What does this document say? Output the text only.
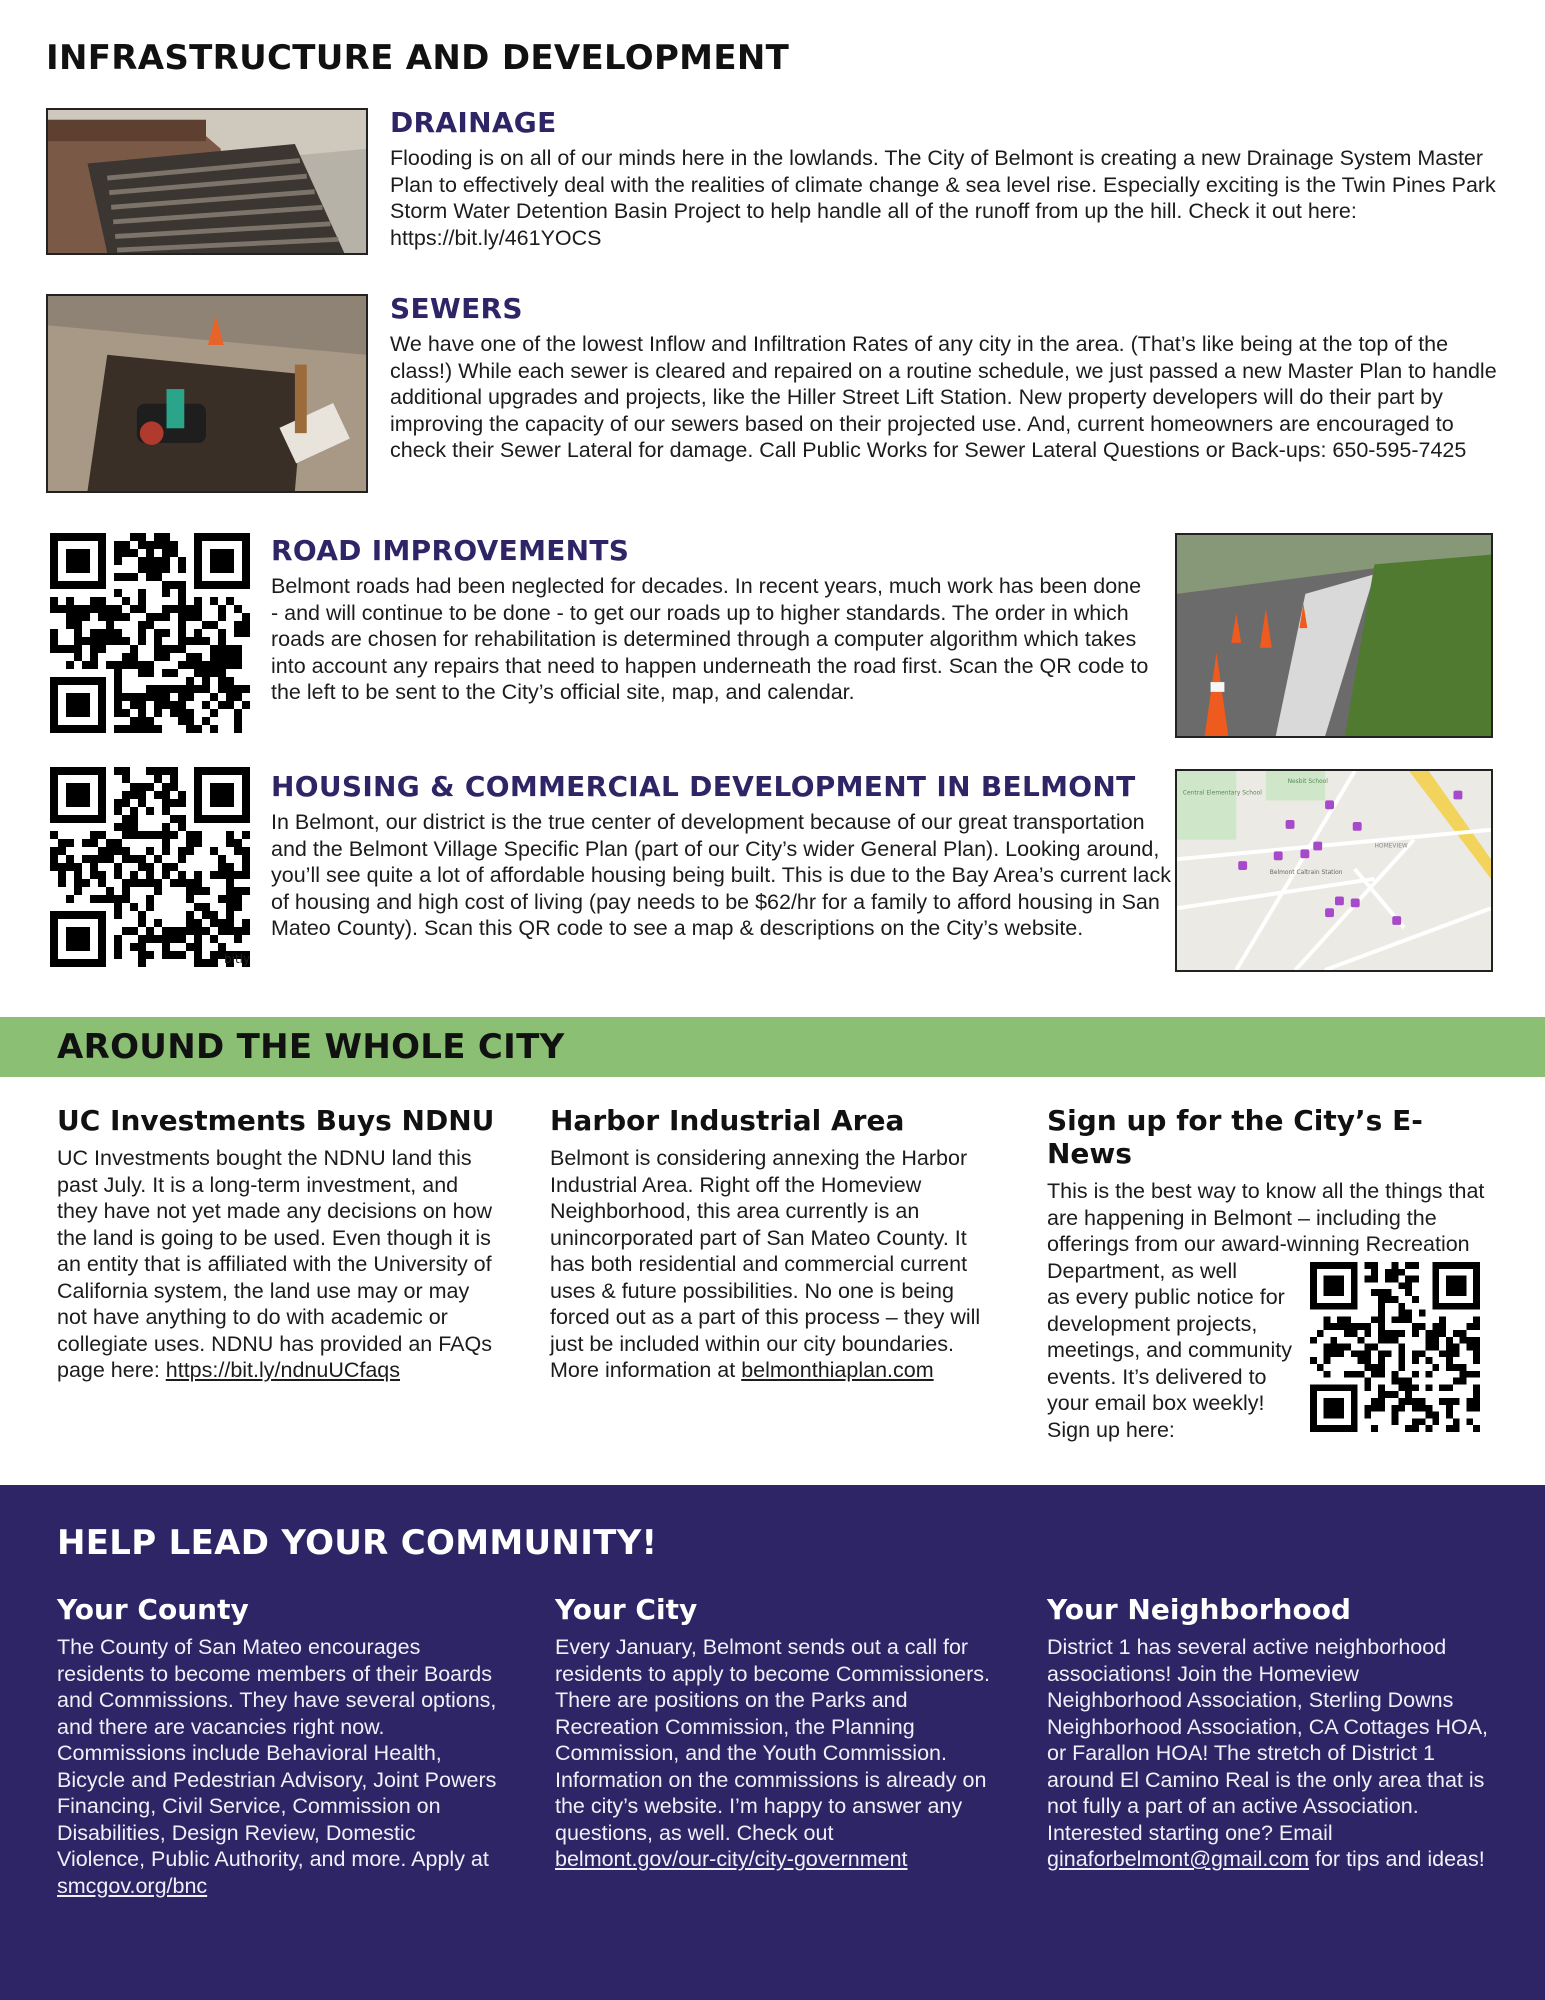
INFRASTRUCTURE AND DEVELOPMENT
DRAINAGE
Flooding is on all of our minds here in the lowlands. The City of Belmont is creating a new Drainage System Master Plan to effectively deal with the realities of climate change & sea level rise. Especially exciting is the Twin Pines Park Storm Water Detention Basin Project to help handle all of the runoff from up the hill. Check it out here: https://bit.ly/461YOCS
SEWERS
We have one of the lowest Inflow and Infiltration Rates of any city in the area. (That’s like being at the top of the class!) While each sewer is cleared and repaired on a routine schedule, we just passed a new Master Plan to handle additional upgrades and projects, like the Hiller Street Lift Station. New property developers will do their part by improving the capacity of our sewers based on their projected use. And, current homeowners are encouraged to check their Sewer Lateral for damage. Call Public Works for Sewer Lateral Questions or Back-ups: 650-595-7425
ROAD IMPROVEMENTS
Belmont roads had been neglected for decades. In recent years, much work has been done - and will continue to be done - to get our roads up to higher standards. The order in which roads are chosen for rehabilitation is determined through a computer algorithm which takes into account any repairs that need to happen underneath the road first. Scan the QR code to the left to be sent to the City’s official site, map, and calendar.
bitly
HOUSING & COMMERCIAL DEVELOPMENT IN BELMONT
In Belmont, our district is the true center of development because of our great transportation and the Belmont Village Specific Plan (part of our City’s wider General Plan). Looking around, you’ll see quite a lot of affordable housing being built. This is due to the Bay Area’s current lack of housing and high cost of living (pay needs to be $62/hr for a family to afford housing in San Mateo County). Scan this QR code to see a map & descriptions on the City’s website.
Central Elementary School
Nesbit School
HOMEVIEW
Belmont Caltrain Station
AROUND THE WHOLE CITY
UC Investments Buys NDNU
UC Investments bought the NDNU land this past July. It is a long-term investment, and they have not yet made any decisions on how the land is going to be used. Even though it is an entity that is affiliated with the University of California system, the land use may or may not have anything to do with academic or collegiate uses. NDNU has provided an FAQs page here: https://bit.ly/ndnuUCfaqs
Harbor Industrial Area
Belmont is considering annexing the Harbor Industrial Area. Right off the Homeview Neighborhood, this area currently is an unincorporated part of San Mateo County. It has both residential and commercial current uses & future possibilities. No one is being forced out as a part of this process – they will just be included within our city boundaries. More information at belmonthiaplan.com
Sign up for the City’s E-News
This is the best way to know all the things that are happening in Belmont – including the offerings from our award-winning Recreation Department, as well
as every public notice for development projects, meetings, and community events. It’s delivered to your email box weekly! Sign up here:
HELP LEAD YOUR COMMUNITY!
Your County
The County of San Mateo encourages residents to become members of their Boards and Commissions. They have several options, and there are vacancies right now. Commissions include Behavioral Health, Bicycle and Pedestrian Advisory, Joint Powers Financing, Civil Service, Commission on Disabilities, Design Review, Domestic Violence, Public Authority, and more. Apply at smcgov.org/bnc
Your City
Every January, Belmont sends out a call for residents to apply to become Commissioners. There are positions on the Parks and Recreation Commission, the Planning Commission, and the Youth Commission. Information on the commissions is already on the city’s website. I’m happy to answer any questions, as well. Check out belmont.gov/our-city/city-government
Your Neighborhood
District 1 has several active neighborhood associations! Join the Homeview Neighborhood Association, Sterling Downs Neighborhood Association, CA Cottages HOA, or Farallon HOA! The stretch of District 1 around El Camino Real is the only area that is not fully a part of an active Association. Interested starting one? Email ginaforbelmont@gmail.com for tips and ideas!
